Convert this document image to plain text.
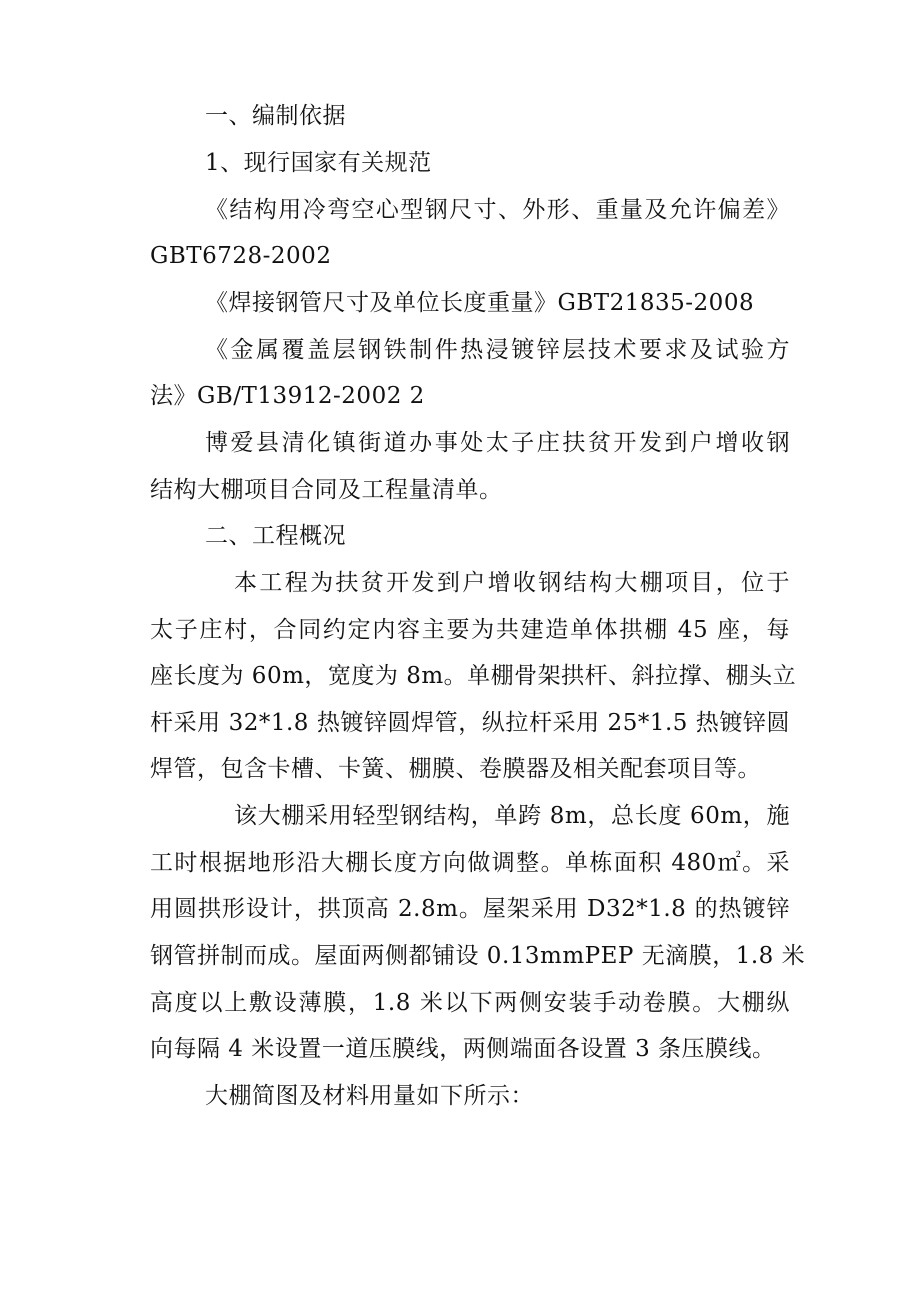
一、编制依据
1、现行国家有关规范
《结构用冷弯空心型钢尺寸、外形、重量及允许偏差》
GBT6728-2002
《焊接钢管尺寸及单位长度重量》GBT21835-2008
《金属覆盖层钢铁制件热浸镀锌层技术要求及试验方
法》GB/T13912-2002 2
博爱县清化镇街道办事处太子庄扶贫开发到户增收钢
结构大棚项目合同及工程量清单。
二、工程概况
本工程为扶贫开发到户增收钢结构大棚项目，位于
太子庄村，合同约定内容主要为共建造单体拱棚 45 座，每
座长度为 60m，宽度为 8m。单棚骨架拱杆、斜拉撑、棚头立
杆采用 32*1.8 热镀锌圆焊管，纵拉杆采用 25*1.5 热镀锌圆
焊管，包含卡槽、卡簧、棚膜、卷膜器及相关配套项目等。
该大棚采用轻型钢结构，单跨 8m，总长度 60m，施
工时根据地形沿大棚长度方向做调整。单栋面积 480㎡。采
用圆拱形设计，拱顶高 2.8m。屋架采用 D32*1.8 的热镀锌
钢管拼制而成。屋面两侧都铺设 0.13mmPEP 无滴膜，1.8 米
高度以上敷设薄膜，1.8 米以下两侧安装手动卷膜。大棚纵
向每隔 4 米设置一道压膜线，两侧端面各设置 3 条压膜线。
大棚简图及材料用量如下所示：
